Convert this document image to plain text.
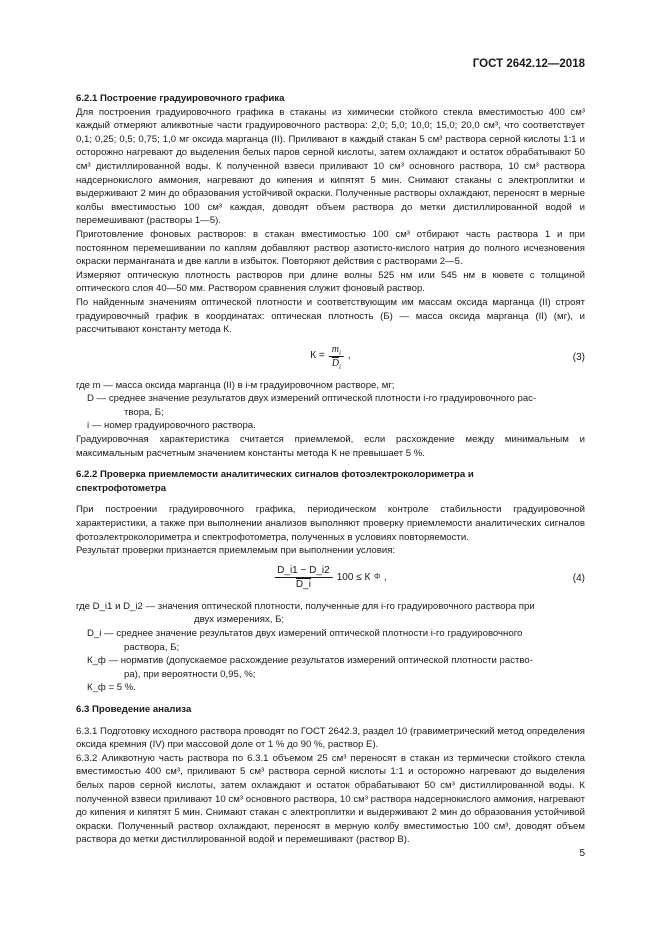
ГОСТ 2642.12—2018

6.2.1 Построение градуировочного графика

Для построения градуировочного графика в стаканы из химически стойкого стекла вместимостью 400 см³ каждый отмеряют аликвотные части градуировочного раствора: 2,0; 5,0; 10,0; 15,0; 20,0 см³, что соответствует 0,1; 0,25; 0,5; 0,75; 1,0 мг оксида марганца (II). Приливают в каждый стакан 5 см³ раствора серной кислоты 1:1 и осторожно нагревают до выделения белых паров серной кислоты, затем охлаждают и остаток обрабатывают 50 см³ дистиллированной воды. К полученной взвеси приливают 10 см³ основного раствора, 10 см³ раствора надсернокислого аммония, нагревают до кипения и кипятят 5 мин. Снимают стаканы с электроплитки и выдерживают 2 мин до образования устойчивой окраски. Полученные растворы охлаждают, переносят в мерные колбы вместимостью 100 см³ каждая, доводят объем раствора до метки дистиллированной водой и перемешивают (растворы 1—5).

Приготовление фоновых растворов: в стакан вместимостью 100 см³ отбирают часть раствора 1 и при постоянном перемешивании по каплям добавляют раствор азотисто-кислого натрия до полного исчезновения окраски перманганата и две капли в избыток. Повторяют действия с растворами 2—5.

Измеряют оптическую плотность растворов при длине волны 525 нм или 545 нм в кювете с толщиной оптического слоя 40—50 мм. Раствором сравнения служит фоновый раствор.

По найденным значениям оптической плотности и соответствующим им массам оксида марганца (II) строят градуировочный график в координатах: оптическая плотность (Б) — масса оксида марганца (II) (мг), и рассчитывают константу метода К.

$К = \frac{m_i}{\overline{D}_i}$ ,	(3)

где m — масса оксида марганца (II) в i-м градуировочном растворе, мг;

D — среднее значение результатов двух измерений оптической плотности i-го градуировочного рас-

твора, Б;

i — номер градуировочного раствора.

Градуировочная характеристика считается приемлемой, если расхождение между минимальным и максимальным расчетным значением константы метода К не превышает 5 %.

6.2.2 Проверка приемлемости аналитических сигналов фотоэлектроколориметра и

спектрофотометра

При построении градуировочного графика, периодическом контроле стабильности градуировочной характеристики, а также при выполнении анализов выполняют проверку приемлемости аналитических сигналов фотоэлектроколориметра и спектрофотометра, полученных в условиях повторяемости.

Результат проверки признается приемлемым при выполнении условия:

$\frac{D\_i1 - D\_i2}{D\_i} 100 \le К$ ф ,	(4)

где D_i1 и D_i2 — значения оптической плотности, полученные для i-го градуировочного раствора при

двух измерениях, Б;

D_i — среднее значение результатов двух измерений оптической плотности i-го градуировочного

раствора, Б;

К_ф — норматив (допускаемое расхождение результатов измерений оптической плотности раство-

ра), при вероятности 0,95, %;

К_ф = 5 %.

6.3 Проведение анализа

6.3.1 Подготовку исходного раствора проводят по ГОСТ 2642.3, раздел 10 (гравиметрический метод определения оксида кремния (IV) при массовой доле от 1 % до 90 %, раствор Е).

6.3.2 Аликвотную часть раствора по 6.3.1 объемом 25 см³ переносят в стакан из термически стойкого стекла вместимостью 400 см³, приливают 5 см³ раствора серной кислоты 1:1 и осторожно нагревают до выделения белых паров серной кислоты, затем охлаждают и остаток обрабатывают 50 см³ дистиллированной воды. К полученной взвеси приливают 10 см³ основного раствора, 10 см³ раствора надсернокислого аммония, нагревают до кипения и кипятят 5 мин. Снимают стакан с электроплитки и выдерживают 2 мин до образования устойчивой окраски. Полученный раствор охлаждают, переносят в мерную колбу вместимостью 100 см³, доводят объем раствора до метки дистиллированной водой и перемешивают (раствор В).

5
